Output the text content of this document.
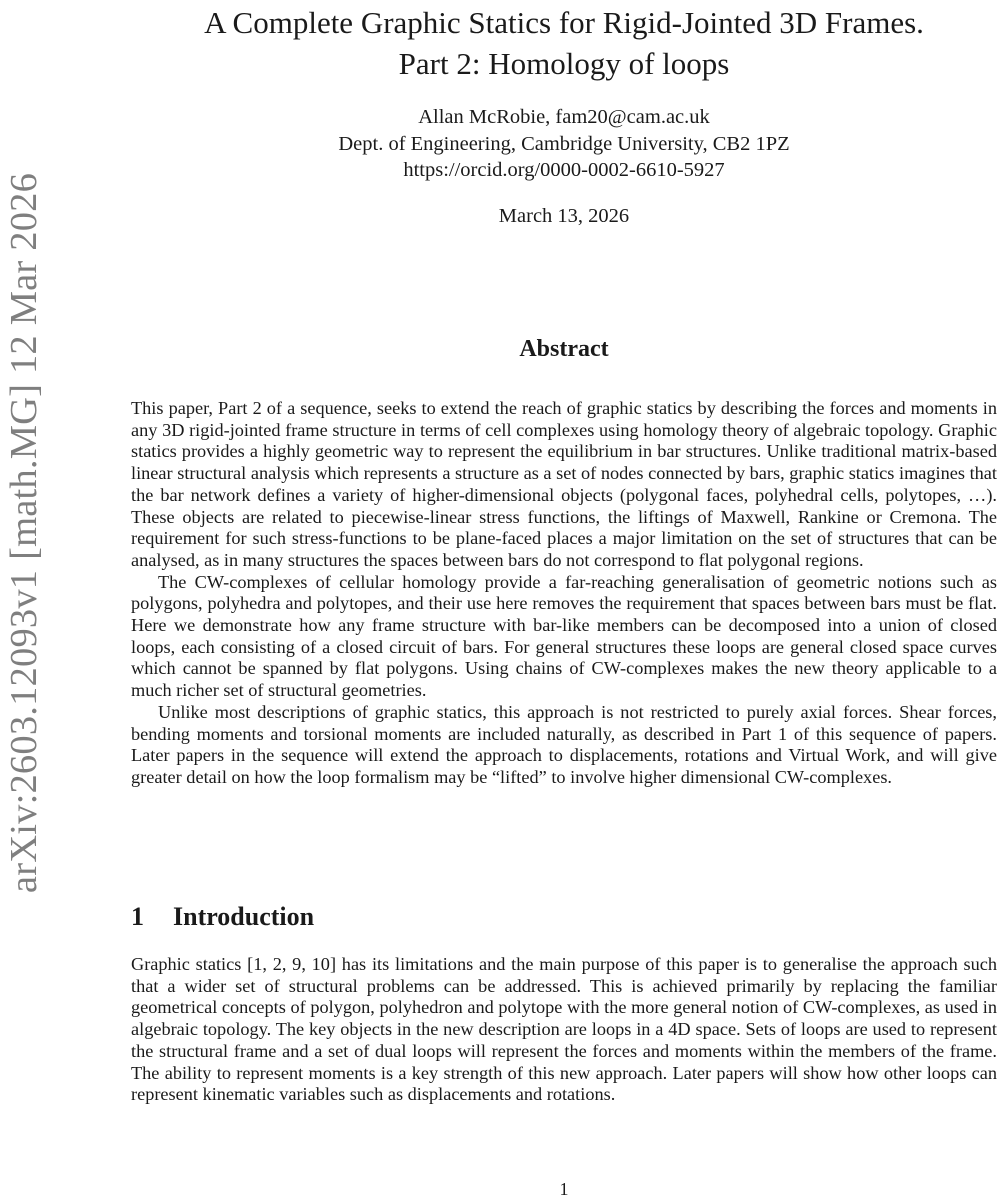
arXiv:2603.12093v1 [math.MG] 12 Mar 2026
A Complete Graphic Statics for Rigid-Jointed 3D Frames.
Part 2: Homology of loops
Allan McRobie, fam20@cam.ac.uk
Dept. of Engineering, Cambridge University, CB2 1PZ
https://orcid.org/0000-0002-6610-5927
March 13, 2026
Abstract

This paper, Part 2 of a sequence, seeks to extend the reach of graphic statics by describing the forces and moments in any 3D rigid-jointed frame structure in terms of cell complexes using homology theory of algebraic topology. Graphic statics provides a highly geometric way to represent the equilibrium in bar structures. Unlike traditional matrix-based linear structural analysis which represents a structure as a set of nodes connected by bars, graphic statics imagines that the bar network defines a variety of higher-dimensional objects (polygonal faces, polyhedral cells, polytopes, …). These objects are related to piecewise-linear stress functions, the liftings of Maxwell, Rankine or Cremona. The requirement for such stress-functions to be plane-faced places a major limitation on the set of structures that can be analysed, as in many structures the spaces between bars do not correspond to flat polygonal regions.

The CW-complexes of cellular homology provide a far-reaching generalisation of geometric notions such as polygons, polyhedra and polytopes, and their use here removes the requirement that spaces between bars must be flat. Here we demonstrate how any frame structure with bar-like members can be decomposed into a union of closed loops, each consisting of a closed circuit of bars. For general structures these loops are general closed space curves which cannot be spanned by flat polygons. Using chains of CW-complexes makes the new theory applicable to a much richer set of structural geometries.

Unlike most descriptions of graphic statics, this approach is not restricted to purely axial forces. Shear forces, bending moments and torsional moments are included naturally, as described in Part 1 of this sequence of papers. Later papers in the sequence will extend the approach to displacements, rotations and Virtual Work, and will give greater detail on how the loop formalism may be “lifted” to involve higher dimensional CW-complexes.

1 Introduction

Graphic statics [1, 2, 9, 10] has its limitations and the main purpose of this paper is to generalise the approach such that a wider set of structural problems can be addressed. This is achieved primarily by replacing the familiar geometrical concepts of polygon, polyhedron and polytope with the more general notion of CW-complexes, as used in algebraic topology. The key objects in the new description are loops in a 4D space. Sets of loops are used to represent the structural frame and a set of dual loops will represent the forces and moments within the members of the frame. The ability to represent moments is a key strength of this new approach. Later papers will show how other loops can represent kinematic variables such as displacements and rotations.

1
